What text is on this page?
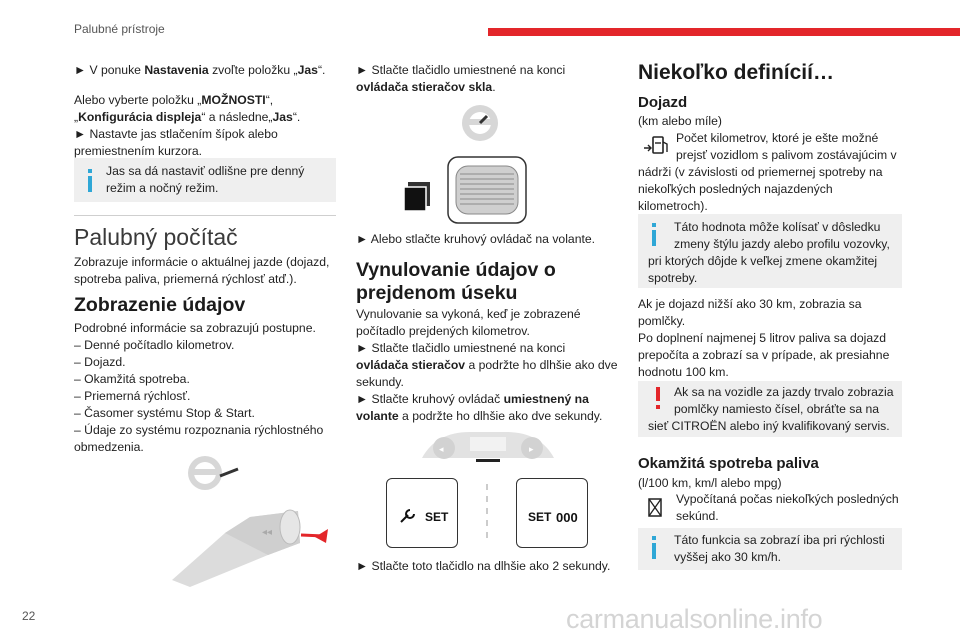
Palubné prístroje
► V ponuke Nastavenia zvoľte položku „Jas“.
Alebo vyberte položku „MOŽNOSTI“,
„Konfigurácia displeja“ a následne„Jas“.
► Nastavte jas stlačením šípok alebo
premiestnením kurzora.
Jas sa dá nastaviť odlišne pre denný
režim a nočný režim.
Palubný počítač
Zobrazuje informácie o aktuálnej jazde (dojazd,
spotreba paliva, priemerná rýchlosť atď.).
Zobrazenie údajov
Podrobné informácie sa zobrazujú postupne.
– Denné počítadlo kilometrov.
– Dojazd.
– Okamžitá spotreba.
– Priemerná rýchlosť.
– Časomer systému Stop & Start.
– Údaje zo systému rozpoznania rýchlostného
obmedzenia.
◂◂
► Stlačte tlačidlo umiestnené na konci
ovládača stieračov skla.
► Alebo stlačte kruhový ovládač na volante.
Vynulovanie údajov o
prejdenom úseku
Vynulovanie sa vykoná, keď je zobrazené
počítadlo prejdených kilometrov.
► Stlačte tlačidlo umiestnené na konci
ovládača stieračov a podržte ho dlhšie ako dve
sekundy.
► Stlačte kruhový ovládač umiestnený na
volante a podržte ho dlhšie ako dve sekundy.
◂	▸
SET	SET 000
► Stlačte toto tlačidlo na dlhšie ako 2 sekundy.
Niekoľko definícií…
Dojazd
(km alebo míle)
Počet kilometrov, ktoré je ešte možné
prejsť vozidlom s palivom zostávajúcim v
nádrži (v závislosti od priemernej spotreby na
niekoľkých posledných najazdených
kilometroch).
Táto hodnota môže kolísať v dôsledku
zmeny štýlu jazdy alebo profilu vozovky,
pri ktorých dôjde k veľkej zmene okamžitej
spotreby.
Ak je dojazd nižší ako 30 km, zobrazia sa
pomlčky.
Po doplnení najmenej 5 litrov paliva sa dojazd
prepočíta a zobrazí sa v prípade, ak presiahne
hodnotu 100 km.
Ak sa na vozidle za jazdy trvalo zobrazia
pomlčky namiesto čísel, obráťte sa na
sieť CITROËN alebo iný kvalifikovaný servis.
Okamžitá spotreba paliva
(l/100 km, km/l alebo mpg)
Vypočítaná počas niekoľkých posledných
sekúnd.
Táto funkcia sa zobrazí iba pri rýchlosti
vyššej ako 30 km/h.
22	carmanualsonline.info
